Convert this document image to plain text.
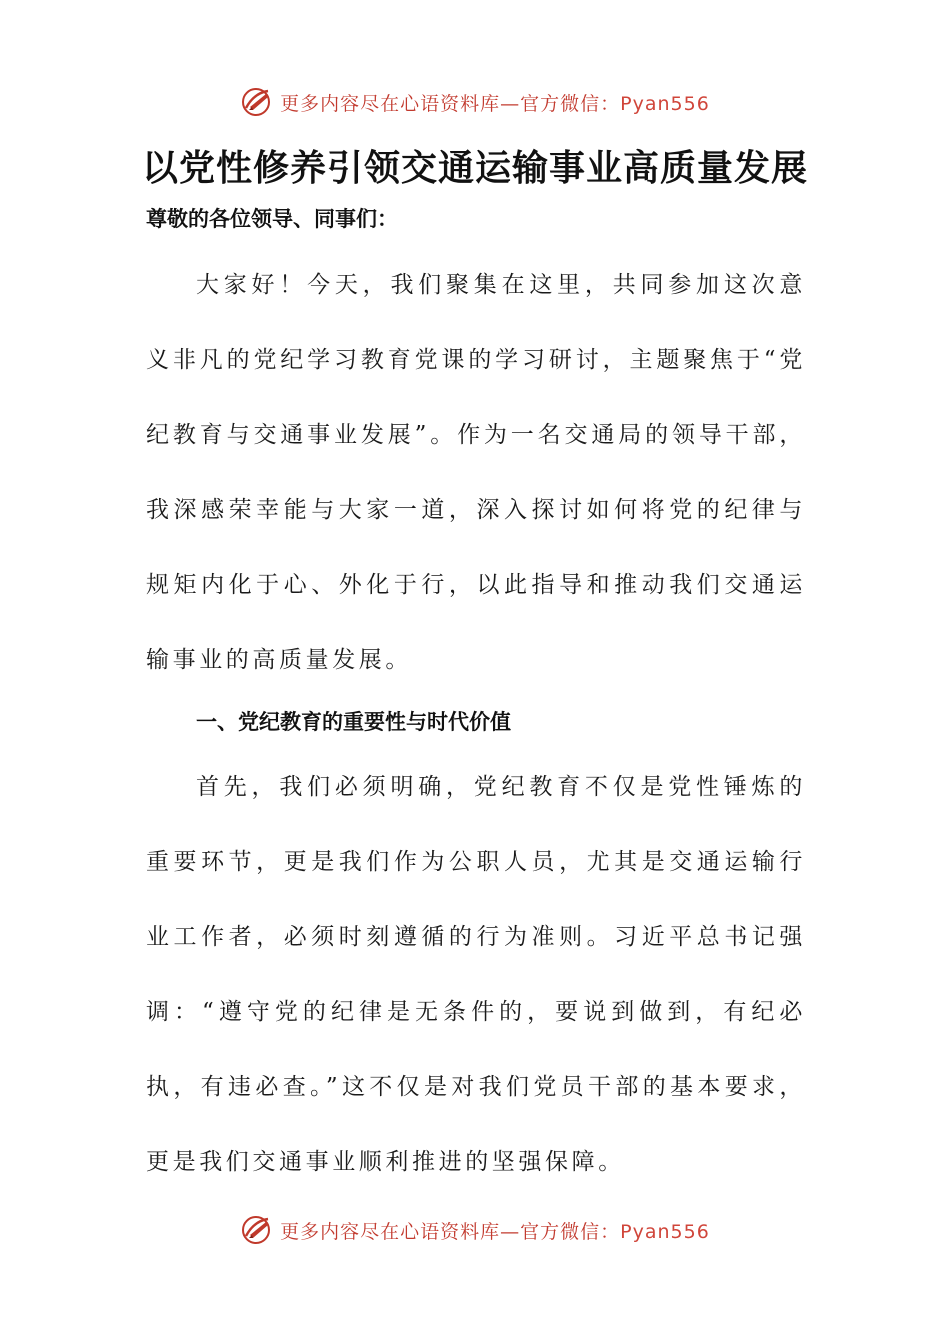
更多内容尽在心语资料库—官方微信：Pyan556
以党性修养引领交通运输事业高质量发展

尊敬的各位领导、同事们：

大家好！今天，我们聚集在这里，共同参加这次意义非凡的党纪学习教育党课的学习研讨，主题聚焦于“党纪教育与交通事业发展”。作为一名交通局的领导干部，我深感荣幸能与大家一道，深入探讨如何将党的纪律与规矩内化于心、外化于行，以此指导和推动我们交通运输事业的高质量发展。

一、党纪教育的重要性与时代价值

首先，我们必须明确，党纪教育不仅是党性锤炼的重要环节，更是我们作为公职人员，尤其是交通运输行业工作者，必须时刻遵循的行为准则。习近平总书记强调：“遵守党的纪律是无条件的，要说到做到，有纪必执，有违必查。”这不仅是对我们党员干部的基本要求，更是我们交通事业顺利推进的坚强保障。

更多内容尽在心语资料库—官方微信：Pyan556
